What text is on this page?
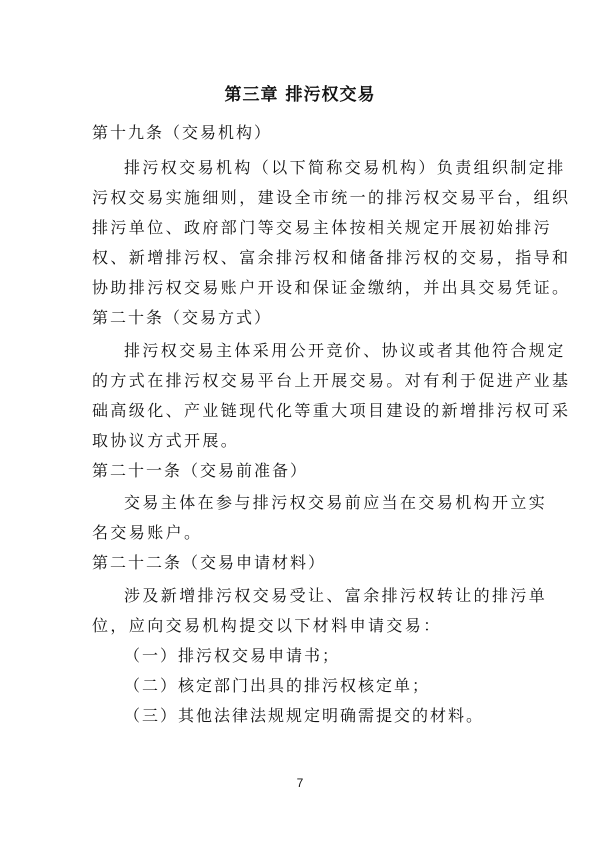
第三章 排污权交易
第十九条（交易机构）
排污权交易机构（以下简称交易机构）负责组织制定排
污权交易实施细则，建设全市统一的排污权交易平台，组织
排污单位、政府部门等交易主体按相关规定开展初始排污
权、新增排污权、富余排污权和储备排污权的交易，指导和
协助排污权交易账户开设和保证金缴纳，并出具交易凭证。
第二十条（交易方式）
排污权交易主体采用公开竞价、协议或者其他符合规定
的方式在排污权交易平台上开展交易。对有利于促进产业基
础高级化、产业链现代化等重大项目建设的新增排污权可采
取协议方式开展。
第二十一条（交易前准备）
交易主体在参与排污权交易前应当在交易机构开立实
名交易账户。
第二十二条（交易申请材料）
涉及新增排污权交易受让、富余排污权转让的排污单
位，应向交易机构提交以下材料申请交易：
（一）排污权交易申请书；
（二）核定部门出具的排污权核定单；
（三）其他法律法规规定明确需提交的材料。
7
